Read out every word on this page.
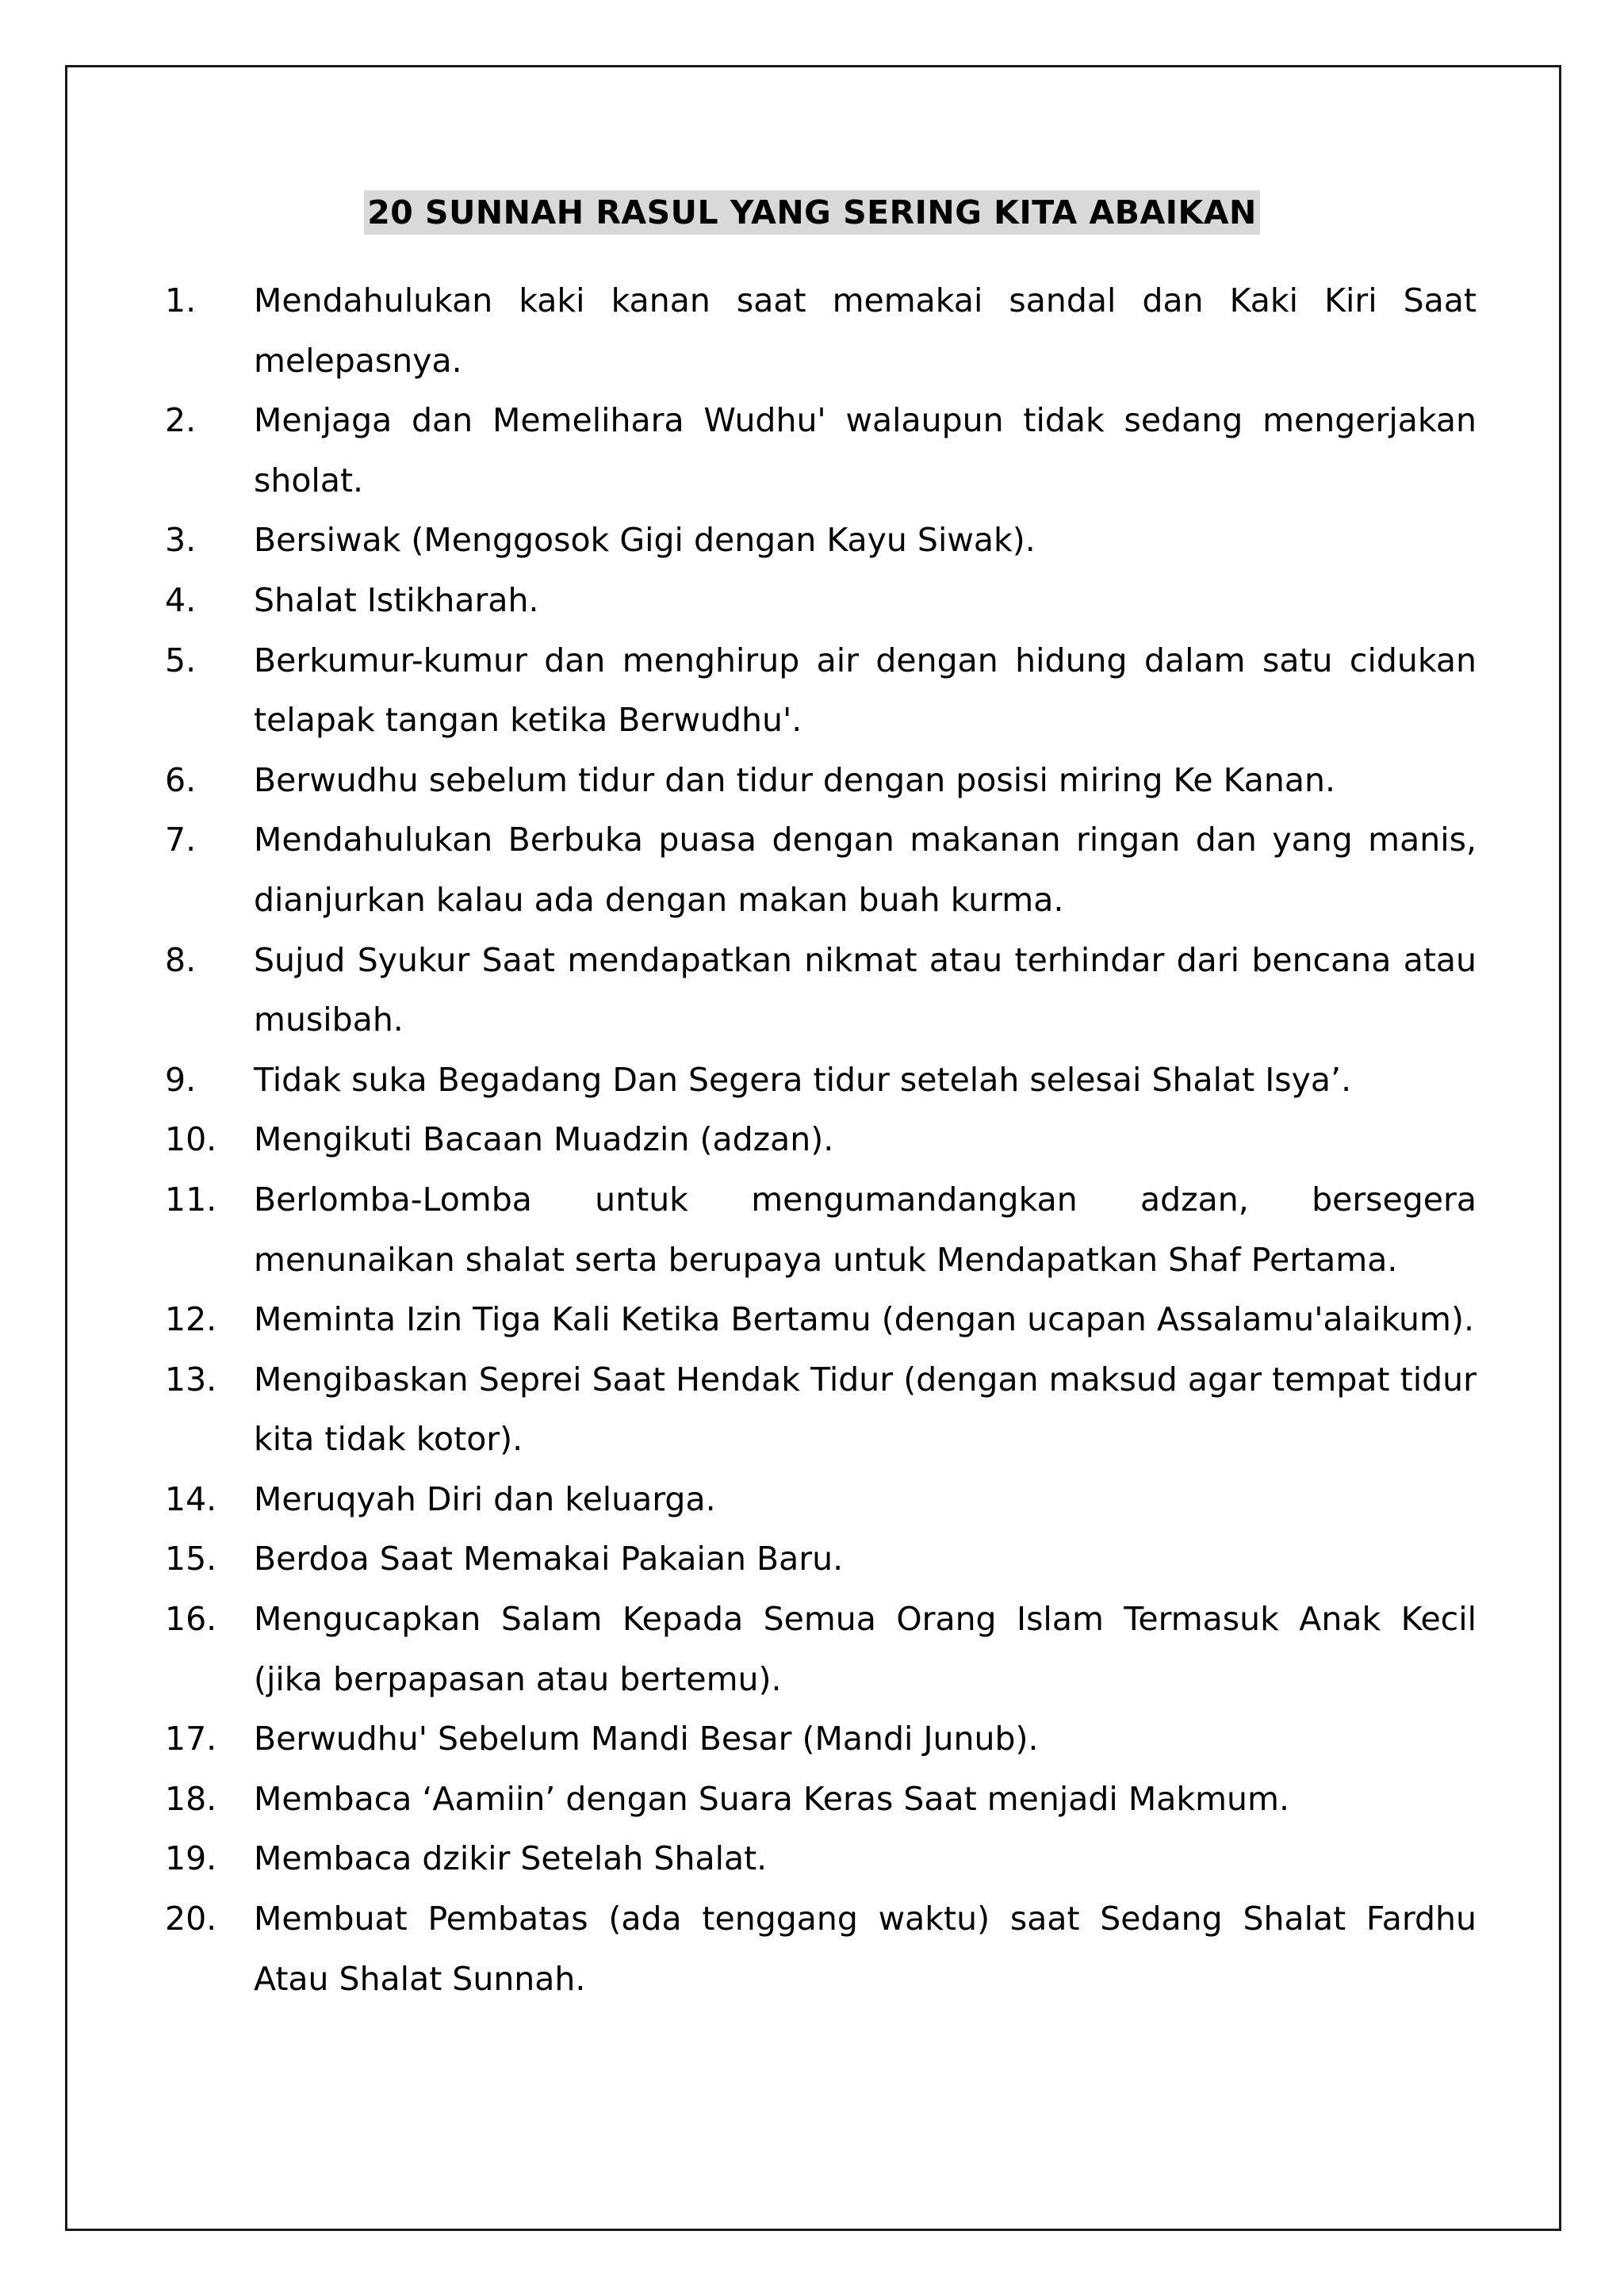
20 SUNNAH RASUL YANG SERING KITA ABAIKAN
1. Mendahulukan kaki kanan saat memakai sandal dan Kaki Kiri Saat melepasnya.
2. Menjaga dan Memelihara Wudhu' walaupun tidak sedang mengerjakan sholat.
3. Bersiwak (Menggosok Gigi dengan Kayu Siwak).
4. Shalat Istikharah.
5. Berkumur-kumur dan menghirup air dengan hidung dalam satu cidukan telapak tangan ketika Berwudhu'.
6. Berwudhu sebelum tidur dan tidur dengan posisi miring Ke Kanan.
7. Mendahulukan Berbuka puasa dengan makanan ringan dan yang manis, dianjurkan kalau ada dengan makan buah kurma.
8. Sujud Syukur Saat mendapatkan nikmat atau terhindar dari bencana atau musibah.
9. Tidak suka Begadang Dan Segera tidur setelah selesai Shalat Isya’.
10. Mengikuti Bacaan Muadzin (adzan).
11. Berlomba-Lomba untuk mengumandangkan adzan, bersegera menunaikan shalat serta berupaya untuk Mendapatkan Shaf Pertama.
12. Meminta Izin Tiga Kali Ketika Bertamu (dengan ucapan Assalamu'alaikum).
13. Mengibaskan Seprei Saat Hendak Tidur (dengan maksud agar tempat tidur kita tidak kotor).
14. Meruqyah Diri dan keluarga.
15. Berdoa Saat Memakai Pakaian Baru.
16. Mengucapkan Salam Kepada Semua Orang Islam Termasuk Anak Kecil (jika berpapasan atau bertemu).
17. Berwudhu' Sebelum Mandi Besar (Mandi Junub).
18. Membaca ‘Aamiin’ dengan Suara Keras Saat menjadi Makmum.
19. Membaca dzikir Setelah Shalat.
20. Membuat Pembatas (ada tenggang waktu) saat Sedang Shalat Fardhu Atau Shalat Sunnah.
